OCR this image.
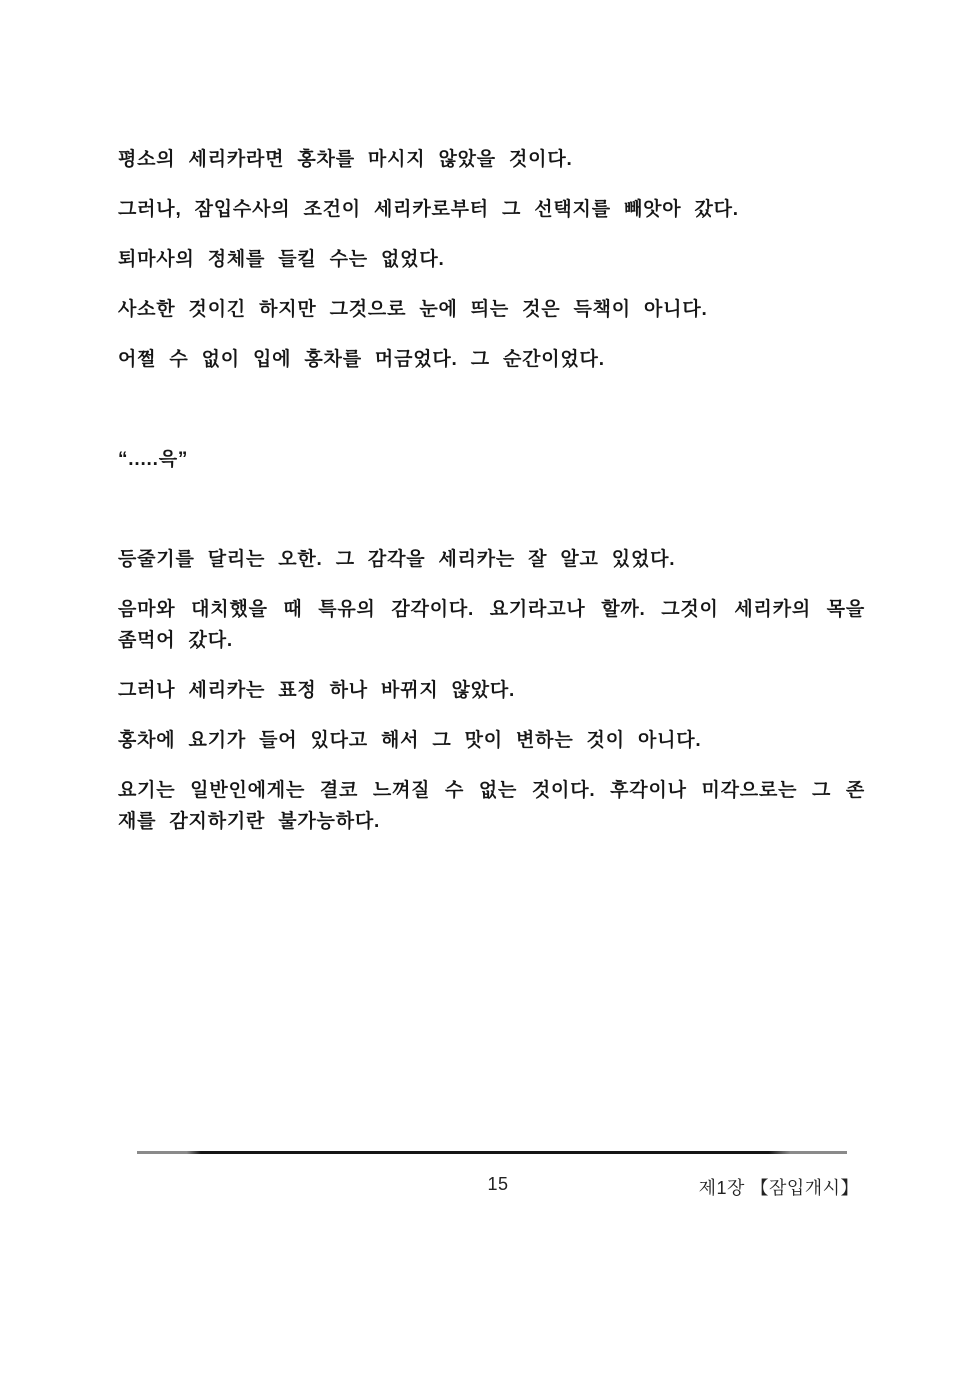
평소의 세리카라면 홍차를 마시지 않았을 것이다.

그러나, 잠입수사의 조건이 세리카로부터 그 선택지를 빼앗아 갔다.

퇴마사의 정체를 들킬 수는 없었다.

사소한 것이긴 하지만 그것으로 눈에 띄는 것은 득책이 아니다.

어쩔 수 없이 입에 홍차를 머금었다. 그 순간이었다.

“.....윽”

등줄기를 달리는 오한. 그 감각을 세리카는 잘 알고 있었다.

음마와 대치했을 때 특유의 감각이다. 요기라고나 할까. 그것이 세리카의 목을 좀먹어 갔다.

그러나 세리카는 표정 하나 바뀌지 않았다.

홍차에 요기가 들어 있다고 해서 그 맛이 변하는 것이 아니다.

요기는 일반인에게는 결코 느껴질 수 없는 것이다. 후각이나 미각으로는 그 존재를 감지하기란 불가능하다.

15	제1장 【잠입개시】
